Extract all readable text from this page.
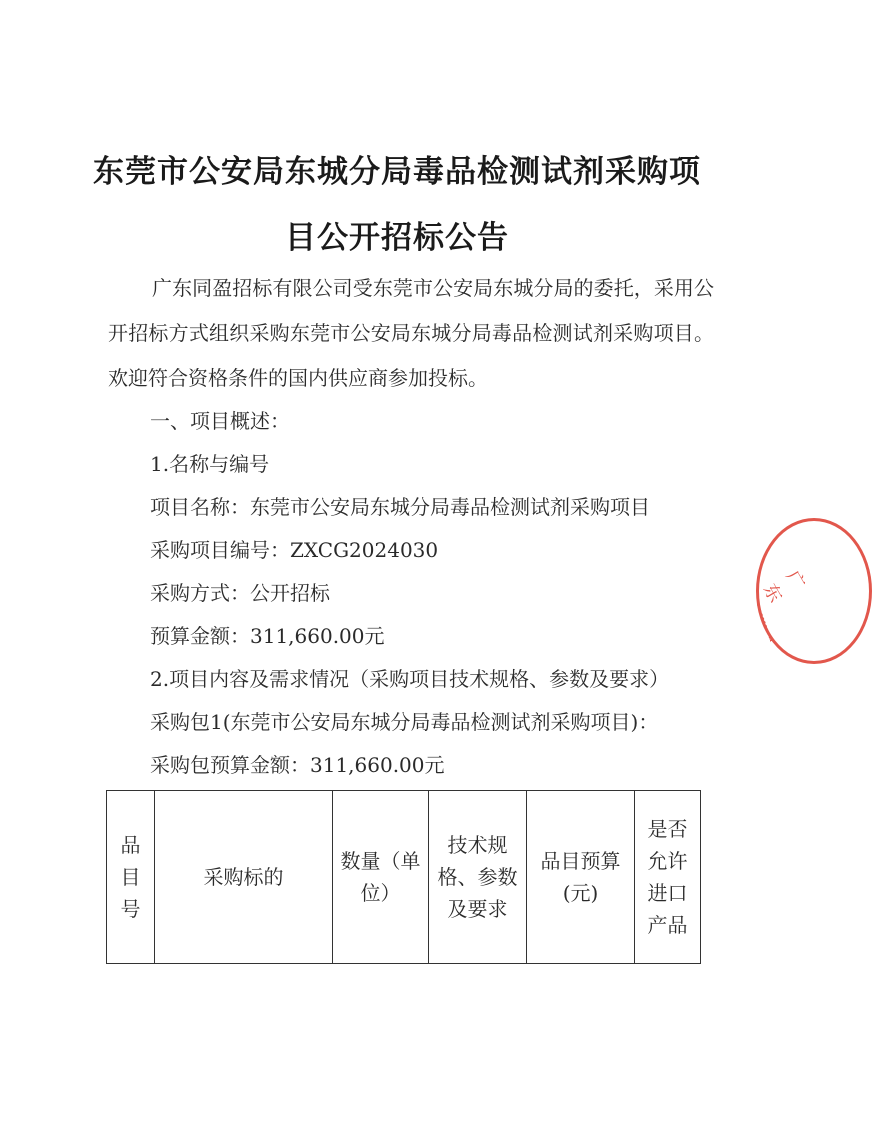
东莞市公安局东城分局毒品检测试剂采购项
目公开招标公告
广东同盈招标有限公司受东莞市公安局东城分局的委托，采用公开招标方式组织采购东莞市公安局东城分局毒品检测试剂采购项目。欢迎符合资格条件的国内供应商参加投标。
一、项目概述：
1.名称与编号
项目名称：东莞市公安局东城分局毒品检测试剂采购项目
采购项目编号：ZXCG2024030
采购方式：公开招标
预算金额：311,660.00元
2.项目内容及需求情况（采购项目技术规格、参数及要求）
采购包1(东莞市公安局东城分局毒品检测试剂采购项目)：
采购包预算金额：311,660.00元
品目号	采购标的	数量（单位）	技术规格、参数及要求	品目预算(元)	是否允许进口产品
广东
